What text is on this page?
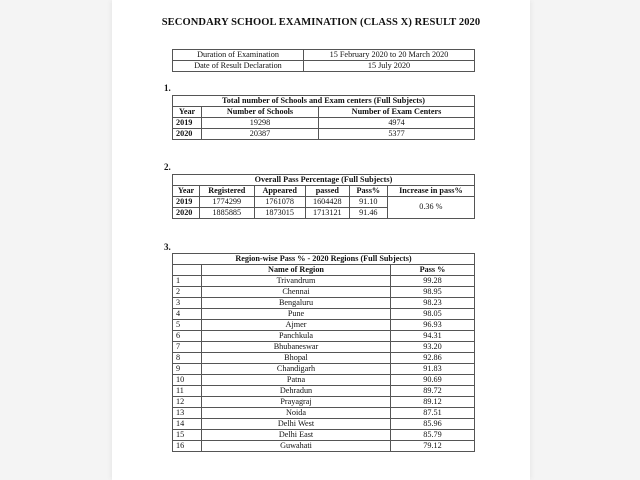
SECONDARY SCHOOL EXAMINATION (CLASS X) RESULT 2020
Duration of Examination	15 February 2020 to 20 March 2020
Date of Result Declaration	15 July 2020
1.
Total number of Schools and Exam centers (Full Subjects)		
Year	Number of Schools	Number of Exam Centers
2019	19298	4974
2020	20387	5377
2.
Overall Pass Percentage (Full Subjects)					
Year	Registered	Appeared	passed	Pass%	Increase in pass%
2019	1774299	1761078	1604428	91.10	0.36 %
2020	1885885	1873015	1713121	91.46	
3.
Region-wise Pass % - 2020 Regions (Full Subjects)		
	Name of Region	Pass %
1	Trivandrum	99.28
2	Chennai	98.95
3	Bengaluru	98.23
4	Pune	98.05
5	Ajmer	96.93
6	Panchkula	94.31
7	Bhubaneswar	93.20
8	Bhopal	92.86
9	Chandigarh	91.83
10	Patna	90.69
11	Dehradun	89.72
12	Prayagraj	89.12
13	Noida	87.51
14	Delhi West	85.96
15	Delhi East	85.79
16	Guwahati	79.12
